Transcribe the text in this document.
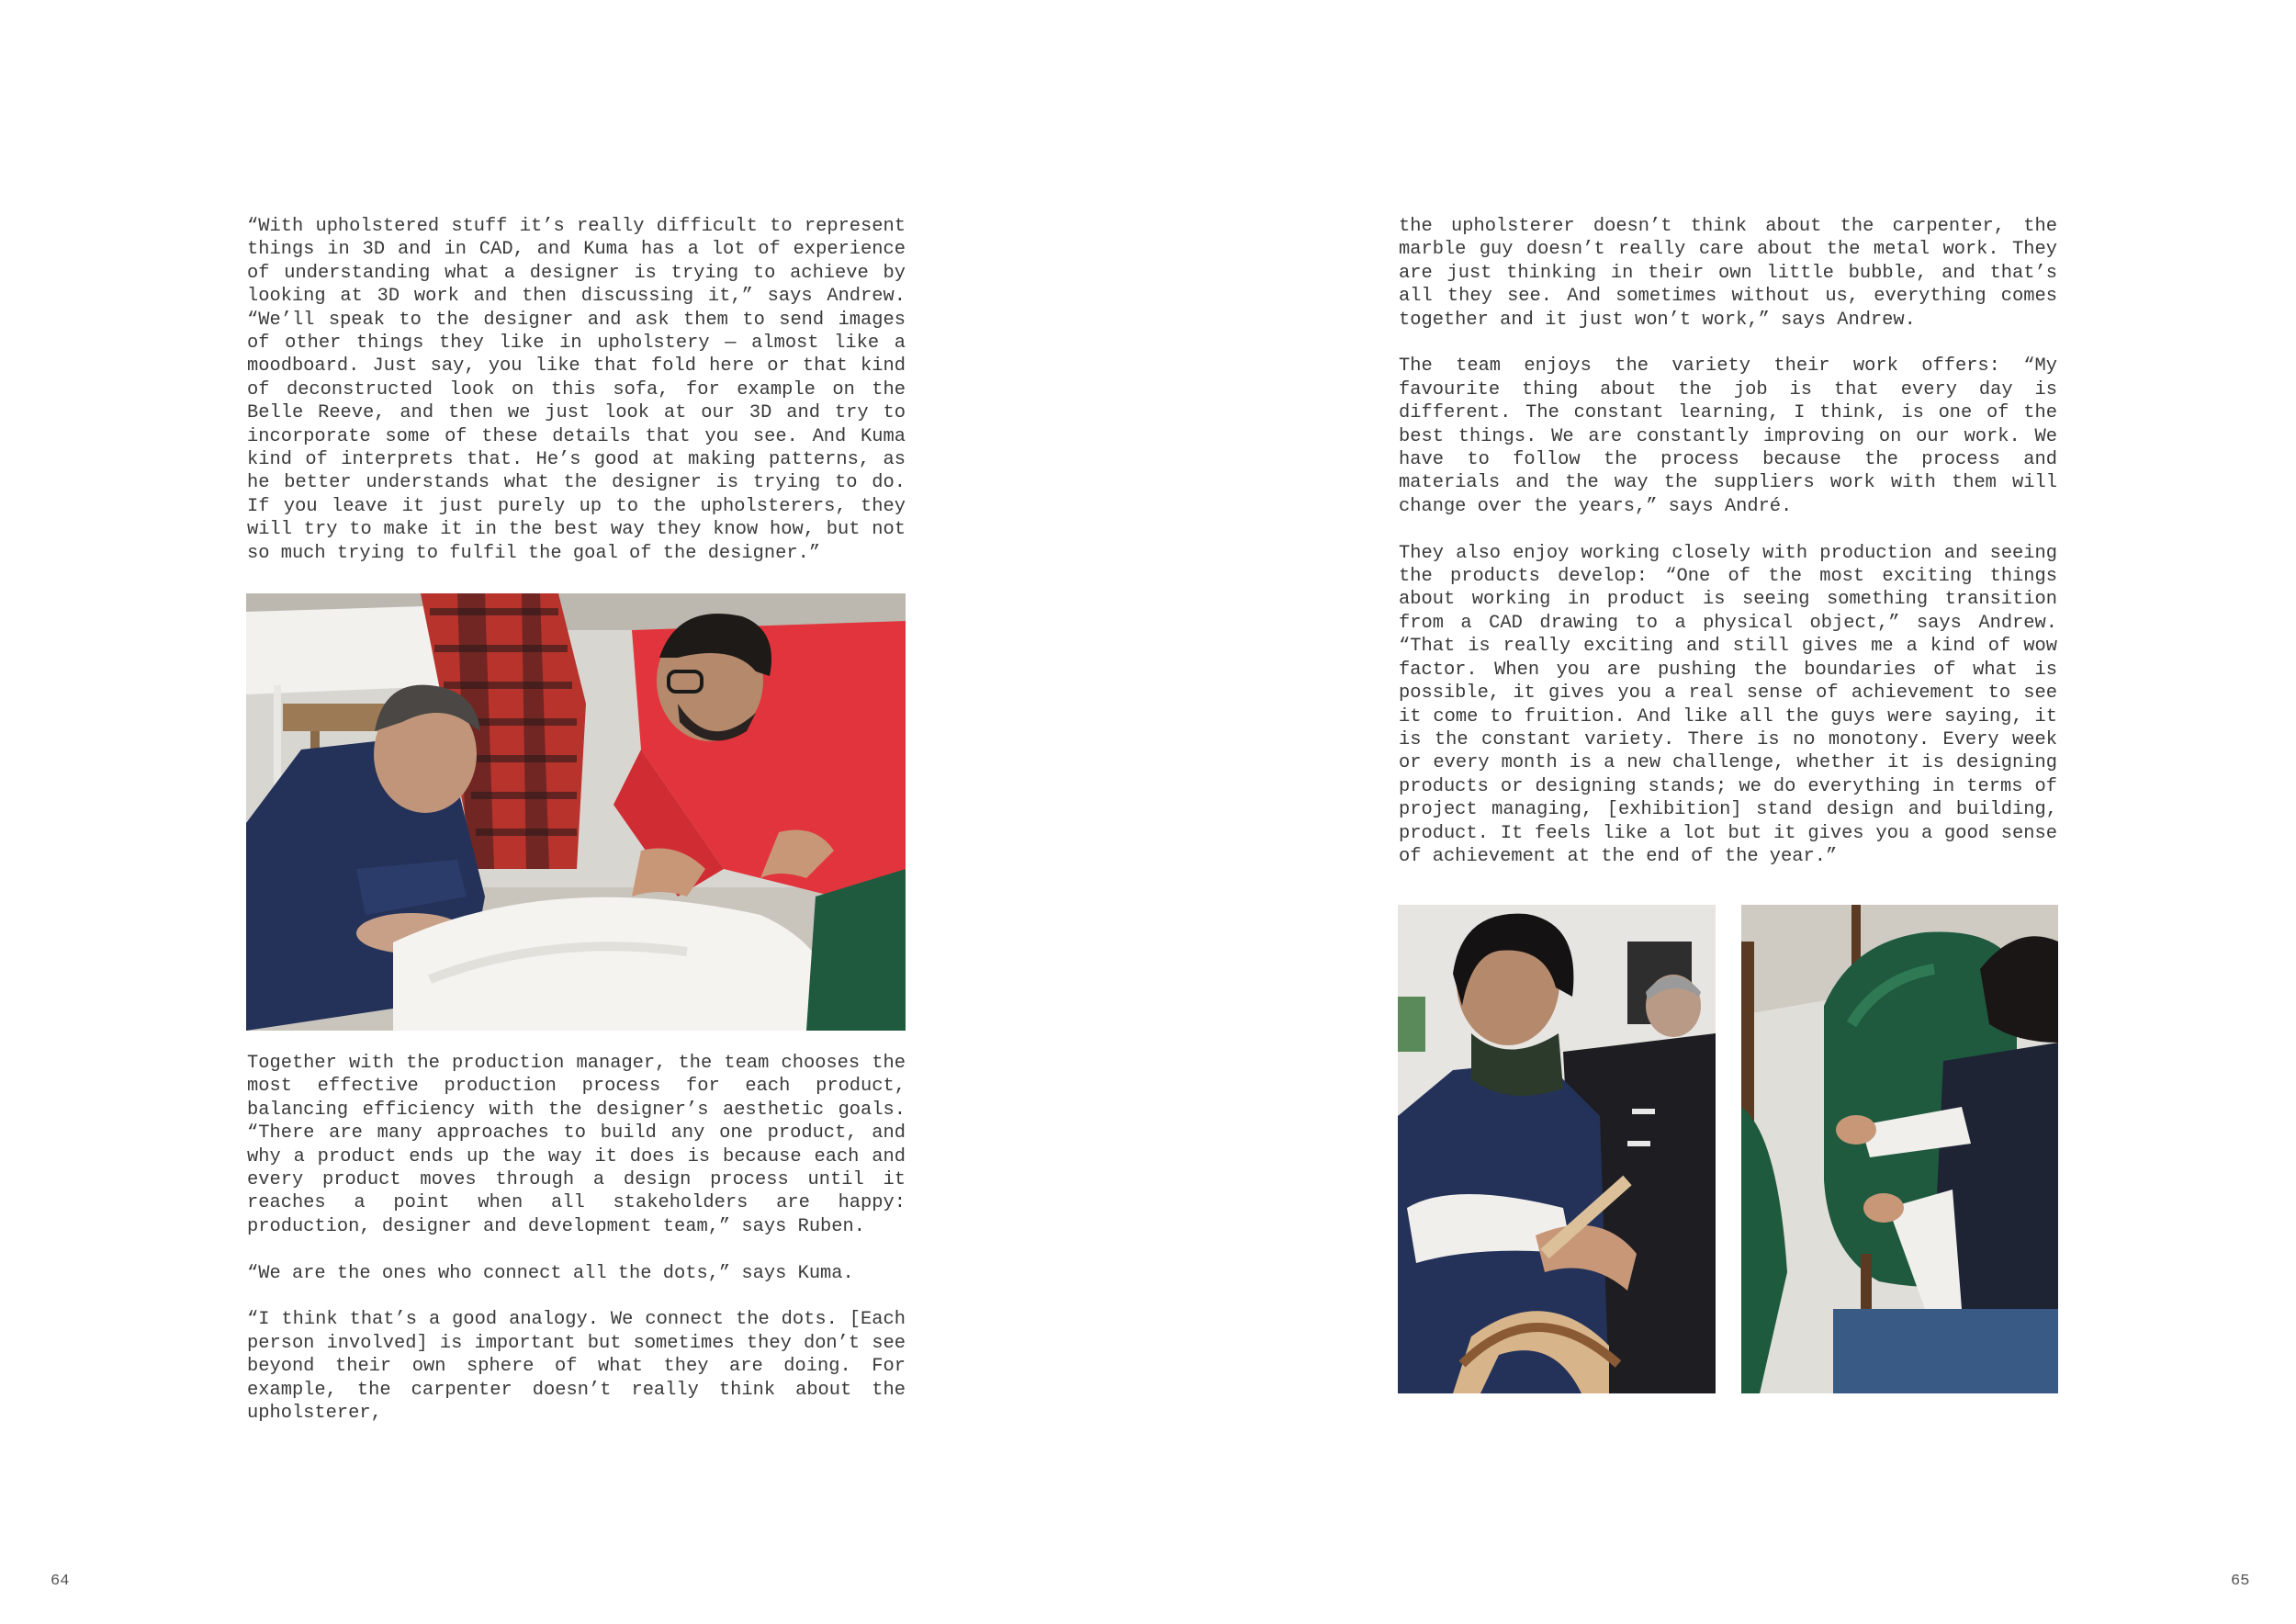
“With upholstered stuff it’s really difficult to represent things in 3D and in CAD, and Kuma has a lot of experience of understanding what a designer is trying to achieve by looking at 3D work and then discussing it,” says Andrew. “We’ll speak to the designer and ask them to send images of other things they like in upholstery — almost like a moodboard. Just say, you like that fold here or that kind of deconstructed look on this sofa, for example on the Belle Reeve, and then we just look at our 3D and try to incorporate some of these details that you see. And Kuma kind of interprets that. He’s good at making patterns, as he better understands what the designer is trying to do. If you leave it just purely up to the upholsterers, they will try to make it in the best way they know how, but not so much trying to fulfil the goal of the designer.”

Together with the production manager, the team chooses the most effective production process for each product, balancing efficiency with the designer’s aesthetic goals. “There are many approaches to build any one product, and why a product ends up the way it does is because each and every product moves through a design process until it reaches a point when all stakeholders are happy: production, designer and development team,” says Ruben.

“We are the ones who connect all the dots,” says Kuma.

“I think that’s a good analogy. We connect the dots. [Each person involved] is important but sometimes they don’t see beyond their own sphere of what they are doing. For example, the carpenter doesn’t really think about the upholsterer,

64

the upholsterer doesn’t think about the carpenter, the marble guy doesn’t really care about the metal work. They are just thinking in their own little bubble, and that’s all they see. And sometimes without us, everything comes together and it just won’t work,” says Andrew.

The team enjoys the variety their work offers: “My favourite thing about the job is that every day is different. The constant learning, I think, is one of the best things. We are constantly improving on our work. We have to follow the process because the process and materials and the way the suppliers work with them will change over the years,” says André.

They also enjoy working closely with production and seeing the products develop: “One of the most exciting things about working in product is seeing something transition from a CAD drawing to a physical object,” says Andrew. “That is really exciting and still gives me a kind of wow factor. When you are pushing the boundaries of what is possible, it gives you a real sense of achievement to see it come to fruition. And like all the guys were saying, it is the constant variety. There is no monotony. Every week or every month is a new challenge, whether it is designing products or designing stands; we do everything in terms of project managing, [exhibition] stand design and building, product. It feels like a lot but it gives you a good sense of achievement at the end of the year.”

65
